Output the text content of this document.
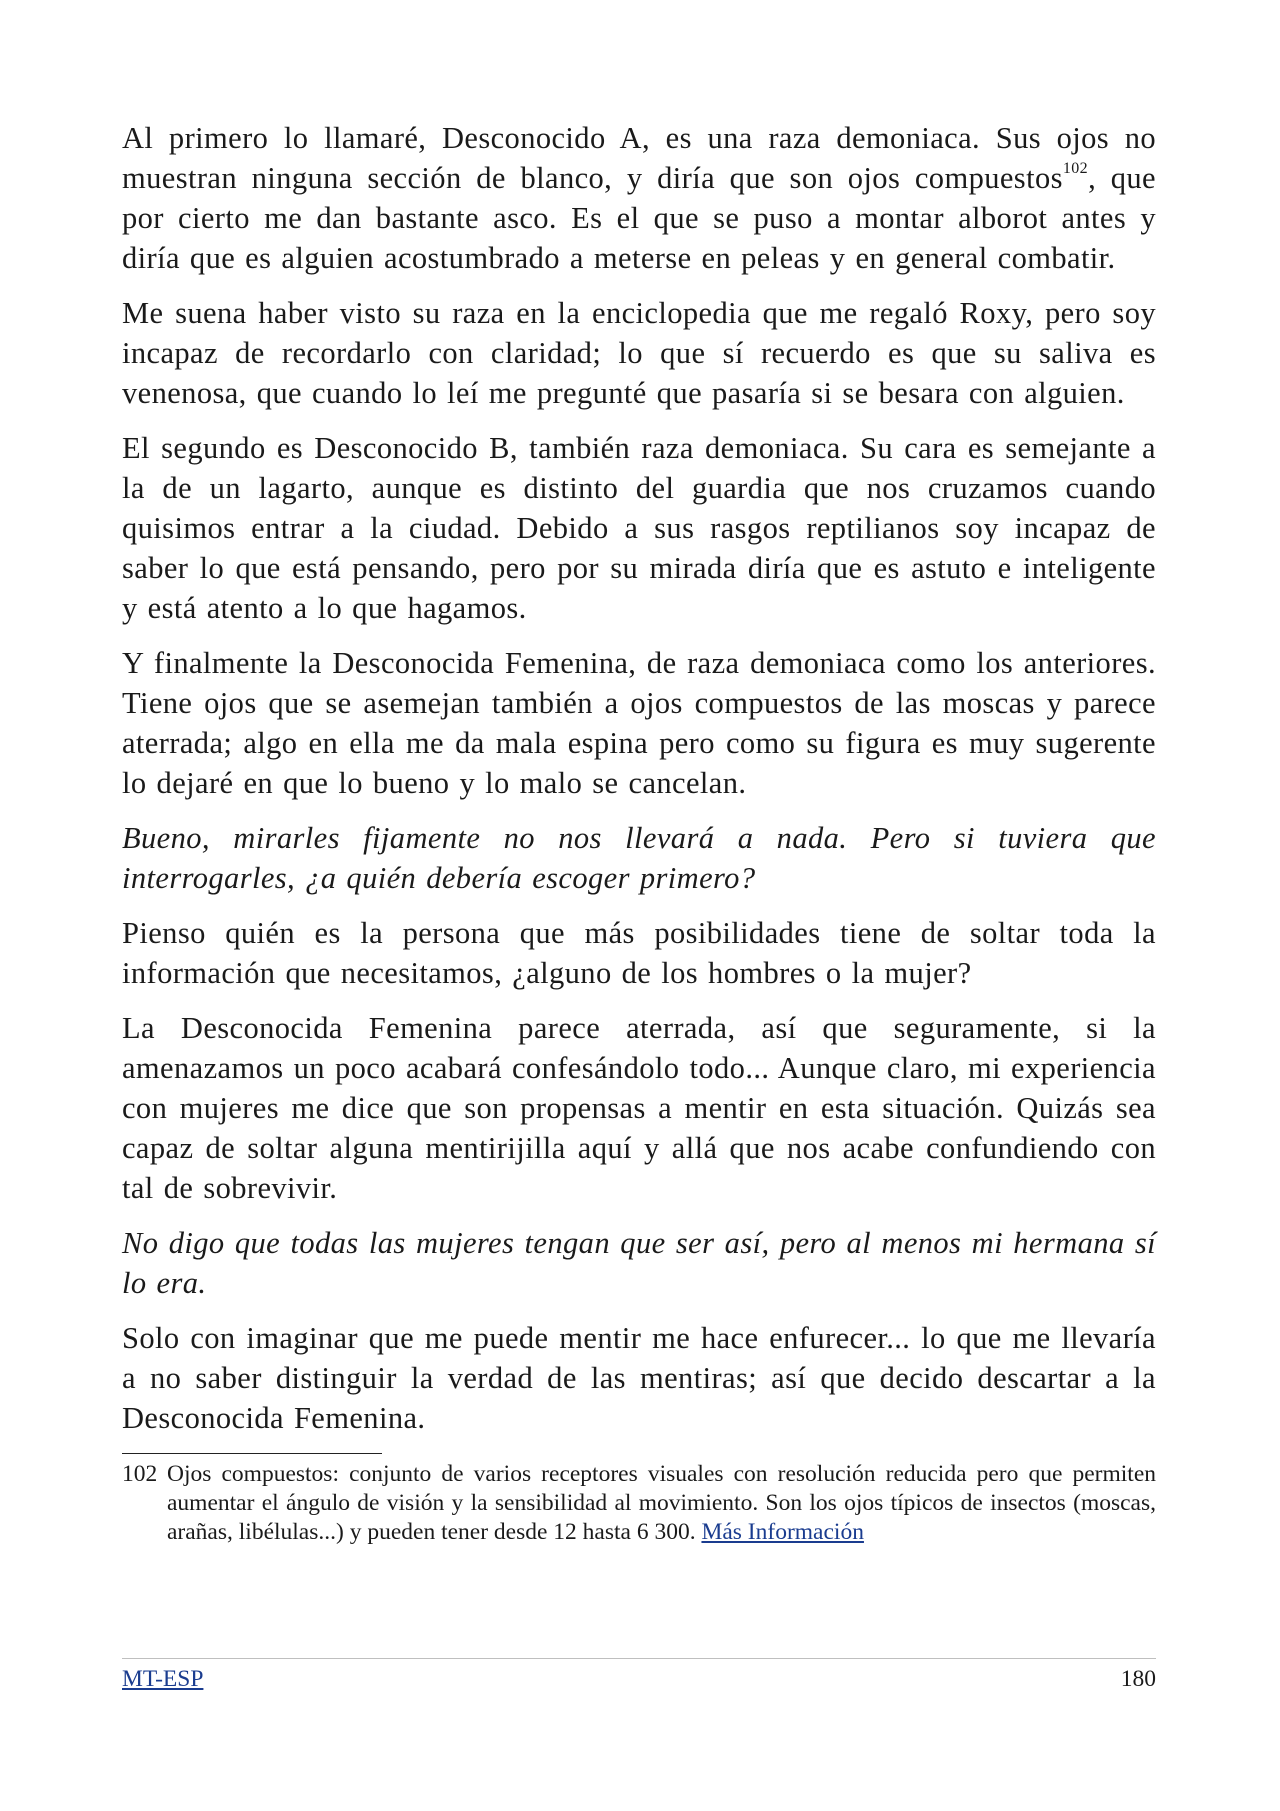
Al primero lo llamaré, Desconocido A, es una raza demoniaca. Sus ojos no muestran ninguna sección de blanco, y diría que son ojos compuestos$^{102}$, que por cierto me dan bastante asco. Es el que se puso a montar alborot antes y diría que es alguien acostumbrado a meterse en peleas y en general combatir.

Me suena haber visto su raza en la enciclopedia que me regaló Roxy, pero soy incapaz de recordarlo con claridad; lo que sí recuerdo es que su saliva es venenosa, que cuando lo leí me pregunté que pasaría si se besara con alguien.

El segundo es Desconocido B, también raza demoniaca. Su cara es semejante a la de un lagarto, aunque es distinto del guardia que nos cruzamos cuando quisimos entrar a la ciudad. Debido a sus rasgos reptilianos soy incapaz de saber lo que está pensando, pero por su mirada diría que es astuto e inteligente y está atento a lo que hagamos.

Y finalmente la Desconocida Femenina, de raza demoniaca como los anteriores. Tiene ojos que se asemejan también a ojos compuestos de las moscas y parece aterrada; algo en ella me da mala espina pero como su figura es muy sugerente lo dejaré en que lo bueno y lo malo se cancelan.

Bueno, mirarles fijamente no nos llevará a nada. Pero si tuviera que interrogarles, ¿a quién debería escoger primero?

Pienso quién es la persona que más posibilidades tiene de soltar toda la información que necesitamos, ¿alguno de los hombres o la mujer?

La Desconocida Femenina parece aterrada, así que seguramente, si la amenazamos un poco acabará confesándolo todo... Aunque claro, mi experiencia con mujeres me dice que son propensas a mentir en esta situación. Quizás sea capaz de soltar alguna mentirijilla aquí y allá que nos acabe confundiendo con tal de sobrevivir.

No digo que todas las mujeres tengan que ser así, pero al menos mi hermana sí lo era.

Solo con imaginar que me puede mentir me hace enfurecer... lo que me llevaría a no saber distinguir la verdad de las mentiras; así que decido descartar a la Desconocida Femenina.

102 Ojos compuestos: conjunto de varios receptores visuales con resolución reducida pero que permiten aumentar el ángulo de visión y la sensibilidad al movimiento. Son los ojos típicos de insectos (moscas, arañas, libélulas...) y pueden tener desde 12 hasta 6 300. Más Información

MT-ESP	180
